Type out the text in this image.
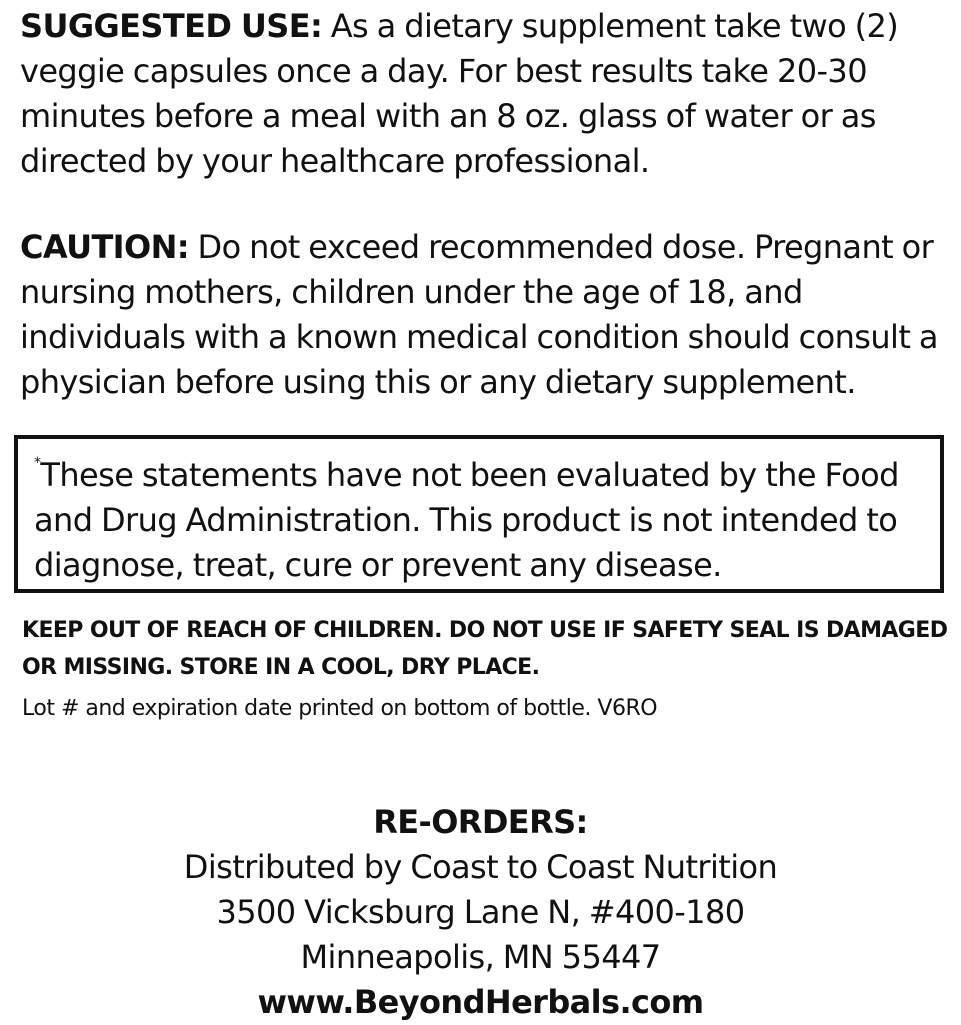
SUGGESTED USE: As a dietary supplement take two (2) veggie capsules once a day. For best results take 20-30 minutes before a meal with an 8 oz. glass of water or as directed by your healthcare professional.

CAUTION: Do not exceed recommended dose. Pregnant or nursing mothers, children under the age of 18, and individuals with a known medical condition should consult a physician before using this or any dietary supplement.

*These statements have not been evaluated by the Food and Drug Administration. This product is not intended to diagnose, treat, cure or prevent any disease.

KEEP OUT OF REACH OF CHILDREN. DO NOT USE IF SAFETY SEAL IS DAMAGED OR MISSING. STORE IN A COOL, DRY PLACE.

Lot # and expiration date printed on bottom of bottle. V6RO

RE-ORDERS:
Distributed by Coast to Coast Nutrition
3500 Vicksburg Lane N, #400-180
Minneapolis, MN 55447
www.BeyondHerbals.com
